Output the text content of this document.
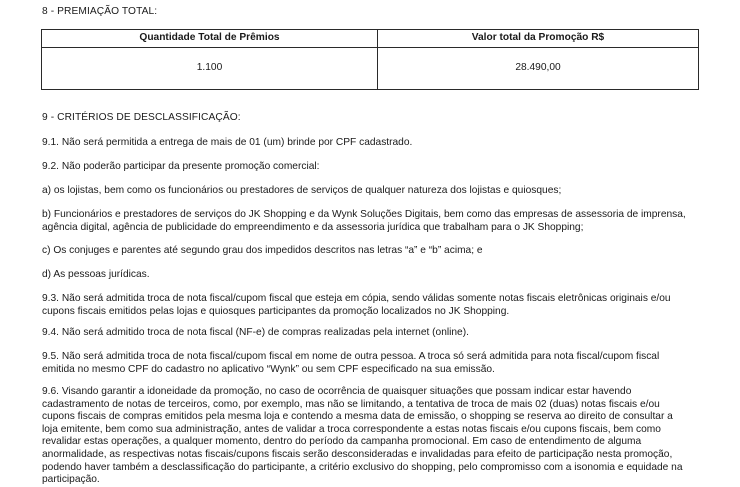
8 - PREMIAÇÃO TOTAL:
Quantidade Total de Prêmios	Valor total da Promoção R$
1.100	28.490,00
9 - CRITÉRIOS DE DESCLASSIFICAÇÃO:
9.1. Não será permitida a entrega de mais de 01 (um) brinde por CPF cadastrado.
9.2. Não poderão participar da presente promoção comercial:
a) os lojistas, bem como os funcionários ou prestadores de serviços de qualquer natureza dos lojistas e quiosques;
b) Funcionários e prestadores de serviços do JK Shopping e da Wynk Soluções Digitais, bem como das empresas de assessoria de imprensa,
agência digital, agência de publicidade do empreendimento e da assessoria jurídica que trabalham para o JK Shopping;
c) Os conjuges e parentes até segundo grau dos impedidos descritos nas letras “a” e “b” acima; e
d) As pessoas jurídicas.
9.3. Não será admitida troca de nota fiscal/cupom fiscal que esteja em cópia, sendo válidas somente notas fiscais eletrônicas originais e/ou
cupons fiscais emitidos pelas lojas e quiosques participantes da promoção localizados no JK Shopping.
9.4. Não será admitido troca de nota fiscal (NF-e) de compras realizadas pela internet (online).
9.5. Não será admitida troca de nota fiscal/cupom fiscal em nome de outra pessoa. A troca só será admitida para nota fiscal/cupom fiscal
emitida no mesmo CPF do cadastro no aplicativo “Wynk” ou sem CPF especificado na sua emissão.
9.6. Visando garantir a idoneidade da promoção, no caso de ocorrência de quaisquer situações que possam indicar estar havendo
cadastramento de notas de terceiros, como, por exemplo, mas não se limitando, a tentativa de troca de mais 02 (duas) notas fiscais e/ou
cupons fiscais de compras emitidos pela mesma loja e contendo a mesma data de emissão, o shopping se reserva ao direito de consultar a
loja emitente, bem como sua administração, antes de validar a troca correspondente a estas notas fiscais e/ou cupons fiscais, bem como
revalidar estas operações, a qualquer momento, dentro do período da campanha promocional. Em caso de entendimento de alguma
anormalidade, as respectivas notas fiscais/cupons fiscais serão desconsideradas e invalidadas para efeito de participação nesta promoção,
podendo haver também a desclassificação do participante, a critério exclusivo do shopping, pelo compromisso com a isonomia e equidade na
participação.
